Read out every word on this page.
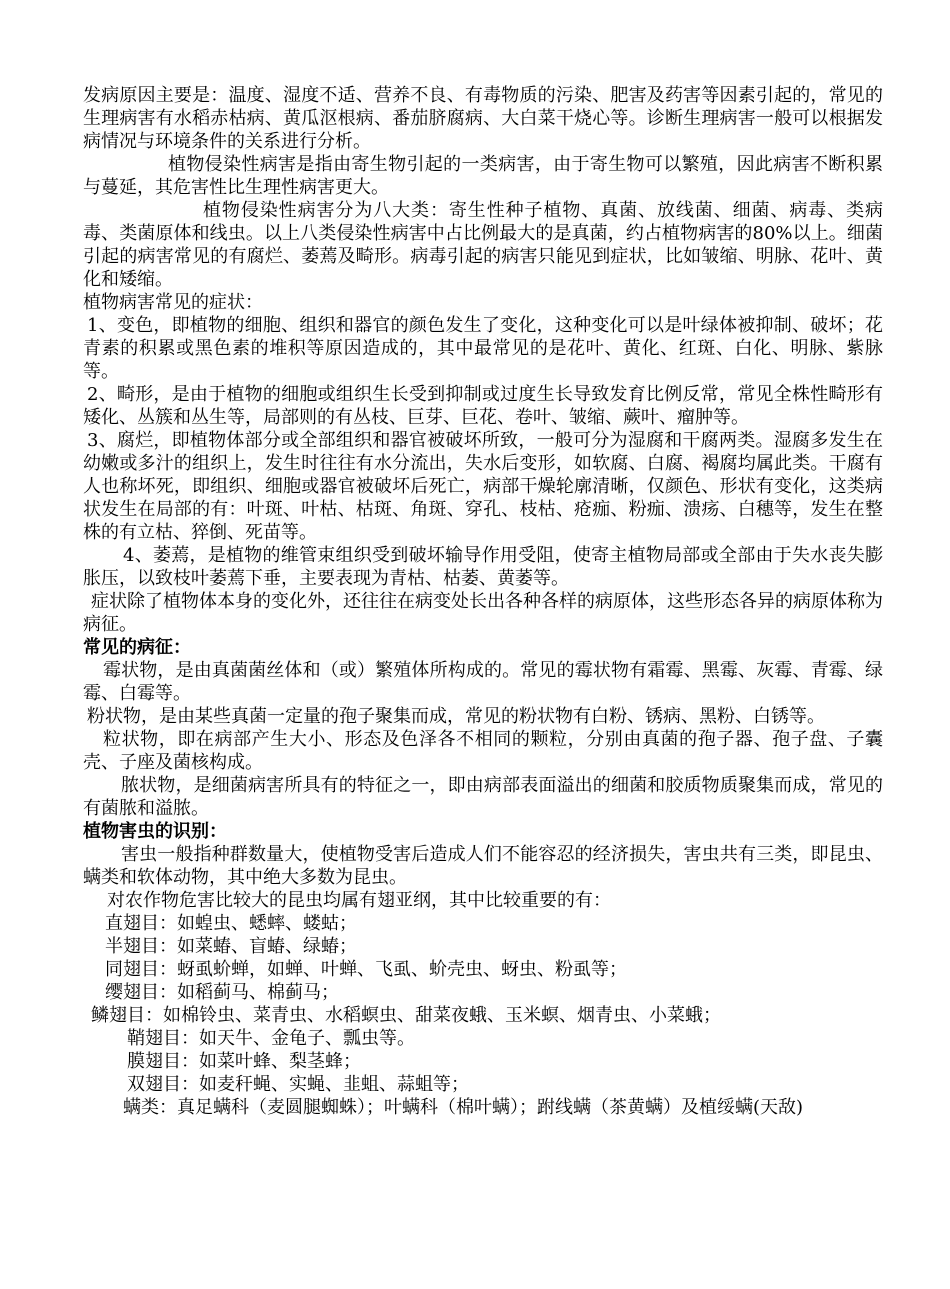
发病原因主要是：温度、湿度不适、营养不良、有毒物质的污染、肥害及药害等因素引起的，常见的生理病害有水稻赤枯病、黄瓜沤根病、番茄脐腐病、大白菜干烧心等。诊断生理病害一般可以根据发病情况与环境条件的关系进行分析。

植物侵染性病害是指由寄生物引起的一类病害，由于寄生物可以繁殖，因此病害不断积累与蔓延，其危害性比生理性病害更大。

植物侵染性病害分为八大类：寄生性种子植物、真菌、放线菌、细菌、病毒、类病毒、类菌原体和线虫。以上八类侵染性病害中占比例最大的是真菌，约占植物病害的80%以上。细菌引起的病害常见的有腐烂、萎蔫及畸形。病毒引起的病害只能见到症状，比如皱缩、明脉、花叶、黄化和矮缩。

植物病害常见的症状：

1、变色，即植物的细胞、组织和器官的颜色发生了变化，这种变化可以是叶绿体被抑制、破坏；花青素的积累或黑色素的堆积等原因造成的，其中最常见的是花叶、黄化、红斑、白化、明脉、紫脉等。

2、畸形，是由于植物的细胞或组织生长受到抑制或过度生长导致发育比例反常，常见全株性畸形有矮化、丛簇和丛生等，局部则的有丛枝、巨芽、巨花、卷叶、皱缩、蕨叶、瘤肿等。

3、腐烂，即植物体部分或全部组织和器官被破坏所致，一般可分为湿腐和干腐两类。湿腐多发生在幼嫩或多汁的组织上，发生时往往有水分流出，失水后变形，如软腐、白腐、褐腐均属此类。干腐有人也称坏死，即组织、细胞或器官被破坏后死亡，病部干燥轮廓清晰，仅颜色、形状有变化，这类病状发生在局部的有：叶斑、叶枯、枯斑、角斑、穿孔、枝枯、疮痂、粉痂、溃疡、白穗等，发生在整株的有立枯、猝倒、死苗等。

4、萎蔫，是植物的维管束组织受到破坏输导作用受阻，使寄主植物局部或全部由于失水丧失膨胀压，以致枝叶萎蔫下垂，主要表现为青枯、枯萎、黄萎等。

症状除了植物体本身的变化外，还往往在病变处长出各种各样的病原体，这些形态各异的病原体称为病征。

常见的病征：

霉状物，是由真菌菌丝体和（或）繁殖体所构成的。常见的霉状物有霜霉、黑霉、灰霉、青霉、绿霉、白霉等。

粉状物，是由某些真菌一定量的孢子聚集而成，常见的粉状物有白粉、锈病、黑粉、白锈等。

粒状物，即在病部产生大小、形态及色泽各不相同的颗粒，分别由真菌的孢子器、孢子盘、子囊壳、子座及菌核构成。

脓状物，是细菌病害所具有的特征之一，即由病部表面溢出的细菌和胶质物质聚集而成，常见的有菌脓和溢脓。

植物害虫的识别：

害虫一般指种群数量大，使植物受害后造成人们不能容忍的经济损失，害虫共有三类，即昆虫、螨类和软体动物，其中绝大多数为昆虫。

对农作物危害比较大的昆虫均属有翅亚纲，其中比较重要的有：

直翅目：如蝗虫、蟋蟀、蝼蛄；

半翅目：如菜蝽、盲蝽、绿蝽；

同翅目：蚜虱蚧蝉，如蝉、叶蝉、飞虱、蚧壳虫、蚜虫、粉虱等；

缨翅目：如稻蓟马、棉蓟马；

鳞翅目：如棉铃虫、菜青虫、水稻螟虫、甜菜夜蛾、玉米螟、烟青虫、小菜蛾；

鞘翅目：如天牛、金龟子、瓢虫等。

膜翅目：如菜叶蜂、梨茎蜂；

双翅目：如麦秆蝇、实蝇、韭蛆、蒜蛆等；

螨类：真足螨科（麦圆腿蜘蛛）；叶螨科（棉叶螨）；跗线螨（茶黄螨）及植绥螨(天敌)
